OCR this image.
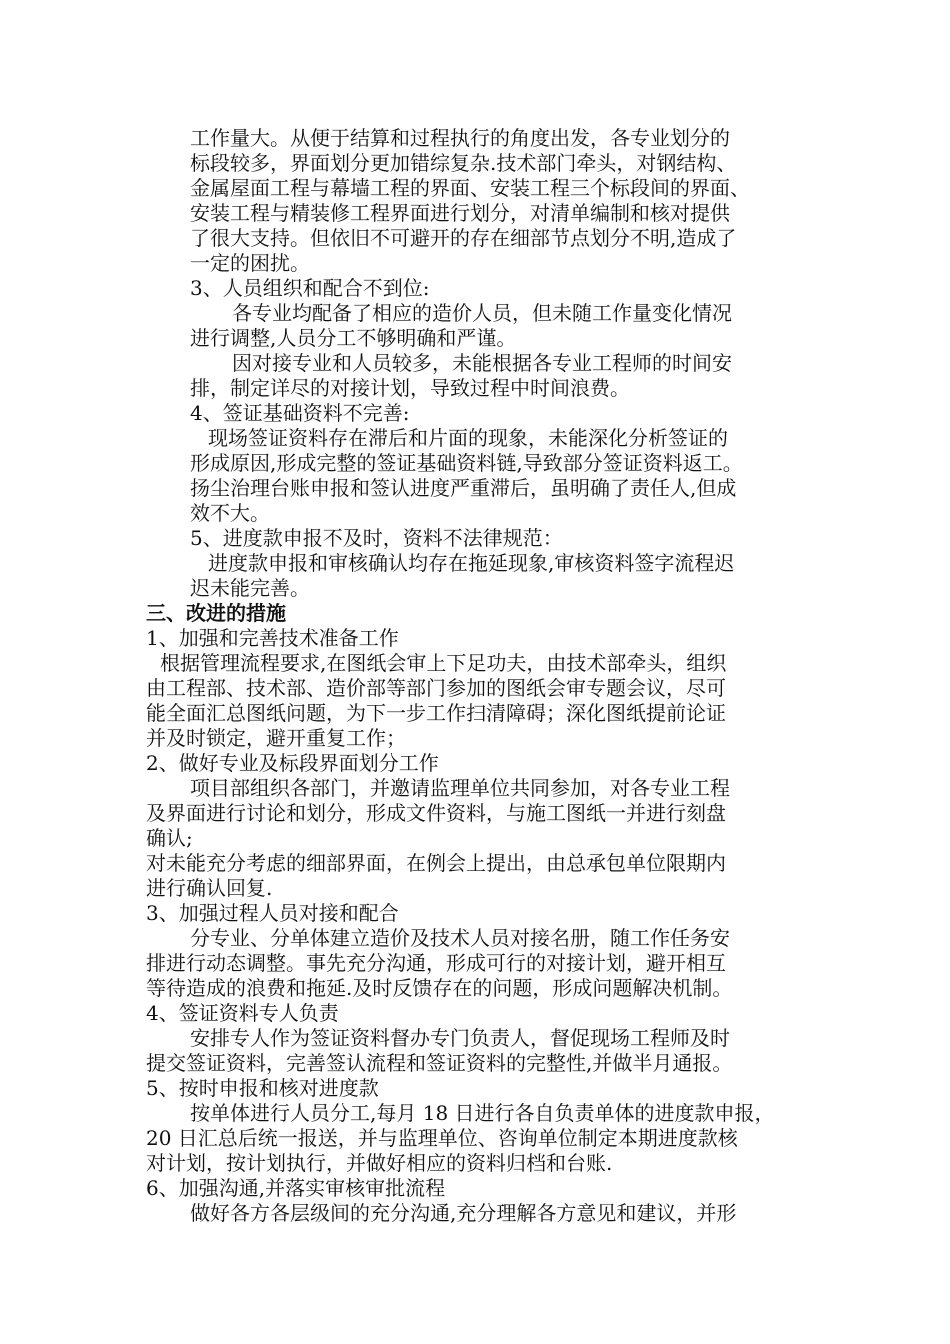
工作量大。从便于结算和过程执行的角度出发，各专业划分的
标段较多，界面划分更加错综复杂.技术部门牵头，对钢结构、
金属屋面工程与幕墙工程的界面、安装工程三个标段间的界面、
安装工程与精装修工程界面进行划分，对清单编制和核对提供
了很大支持。但依旧不可避开的存在细部节点划分不明,造成了
一定的困扰。
3、人员组织和配合不到位:
各专业均配备了相应的造价人员，但未随工作量变化情况
进行调整,人员分工不够明确和严谨。
因对接专业和人员较多，未能根据各专业工程师的时间安
排，制定详尽的对接计划，导致过程中时间浪费。
4、签证基础资料不完善:
现场签证资料存在滞后和片面的现象，未能深化分析签证的
形成原因,形成完整的签证基础资料链,导致部分签证资料返工。
扬尘治理台账申报和签认进度严重滞后，虽明确了责任人,但成
效不大。
5、进度款申报不及时，资料不法律规范：
进度款申报和审核确认均存在拖延现象,审核资料签字流程迟
迟未能完善。
三、改进的措施
1、加强和完善技术准备工作
根据管理流程要求,在图纸会审上下足功夫，由技术部牵头，组织
由工程部、技术部、造价部等部门参加的图纸会审专题会议，尽可
能全面汇总图纸问题，为下一步工作扫清障碍；深化图纸提前论证
并及时锁定，避开重复工作；
2、做好专业及标段界面划分工作
项目部组织各部门，并邀请监理单位共同参加，对各专业工程
及界面进行讨论和划分，形成文件资料，与施工图纸一并进行刻盘
确认;
对未能充分考虑的细部界面，在例会上提出，由总承包单位限期内
进行确认回复.
3、加强过程人员对接和配合
分专业、分单体建立造价及技术人员对接名册，随工作任务安
排进行动态调整。事先充分沟通，形成可行的对接计划，避开相互
等待造成的浪费和拖延.及时反馈存在的问题，形成问题解决机制。
4、签证资料专人负责
安排专人作为签证资料督办专门负责人，督促现场工程师及时
提交签证资料，完善签认流程和签证资料的完整性,并做半月通报。
5、按时申报和核对进度款
按单体进行人员分工,每月 18 日进行各自负责单体的进度款申报，
20 日汇总后统一报送，并与监理单位、咨询单位制定本期进度款核
对计划，按计划执行，并做好相应的资料归档和台账.
6、加强沟通,并落实审核审批流程
做好各方各层级间的充分沟通,充分理解各方意见和建议，并形
